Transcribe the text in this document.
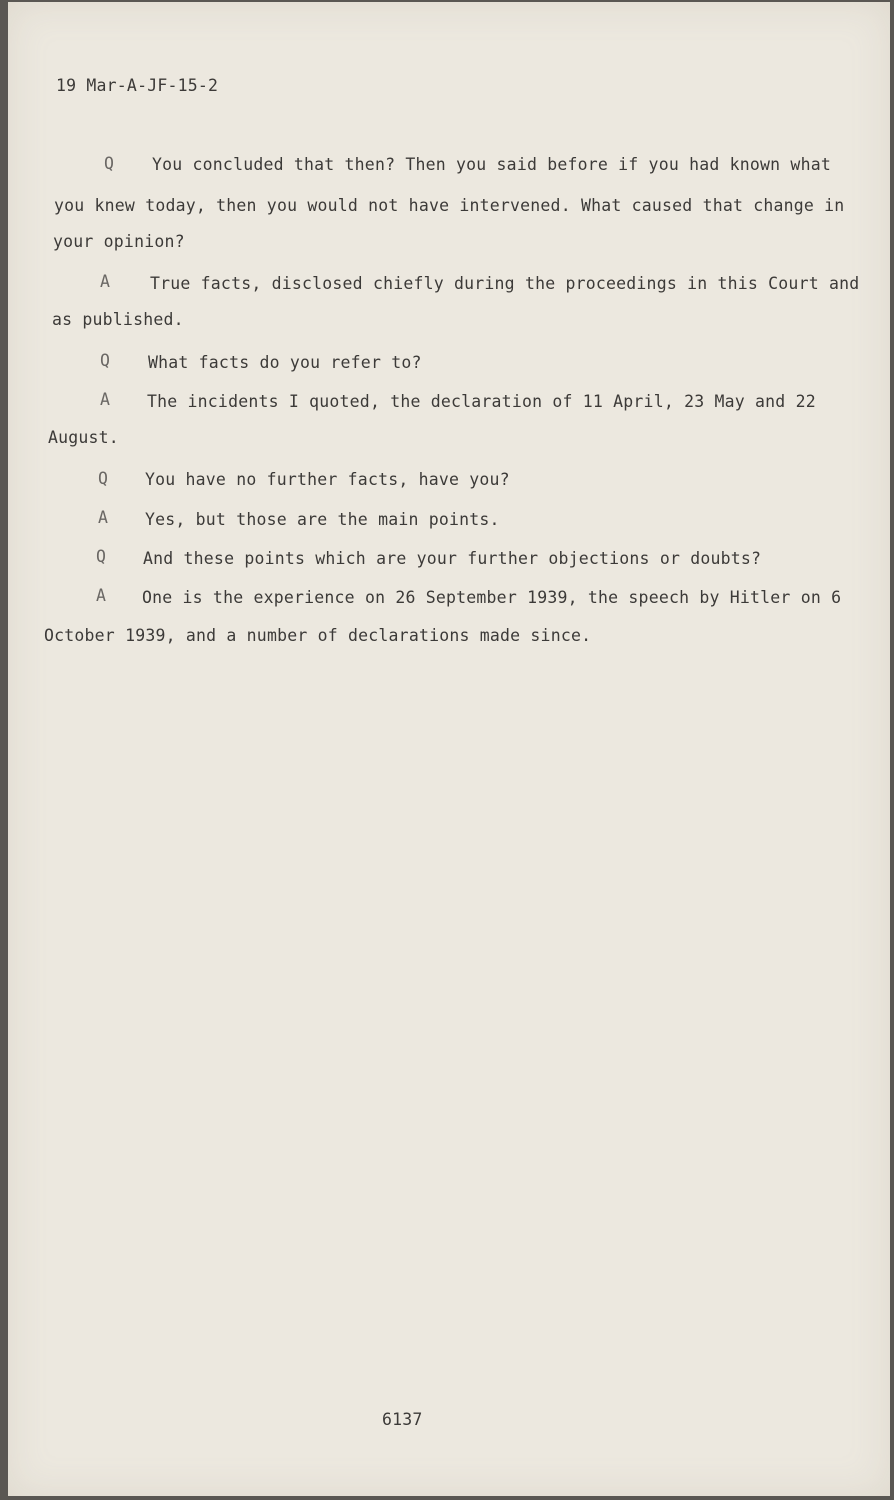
19 Mar-A-JF-15-2
Q You concluded that then? Then you said before if you had known what
you knew today, then you would not have intervened. What caused that change in
your opinion?
A True facts, disclosed chiefly during the proceedings in this Court and
as published.
Q What facts do you refer to?
A The incidents I quoted, the declaration of 11 April, 23 May and 22
August.
Q You have no further facts, have you?
A Yes, but those are the main points.
Q And these points which are your further objections or doubts?
A One is the experience on 26 September 1939, the speech by Hitler on 6
October 1939, and a number of declarations made since.
6137
